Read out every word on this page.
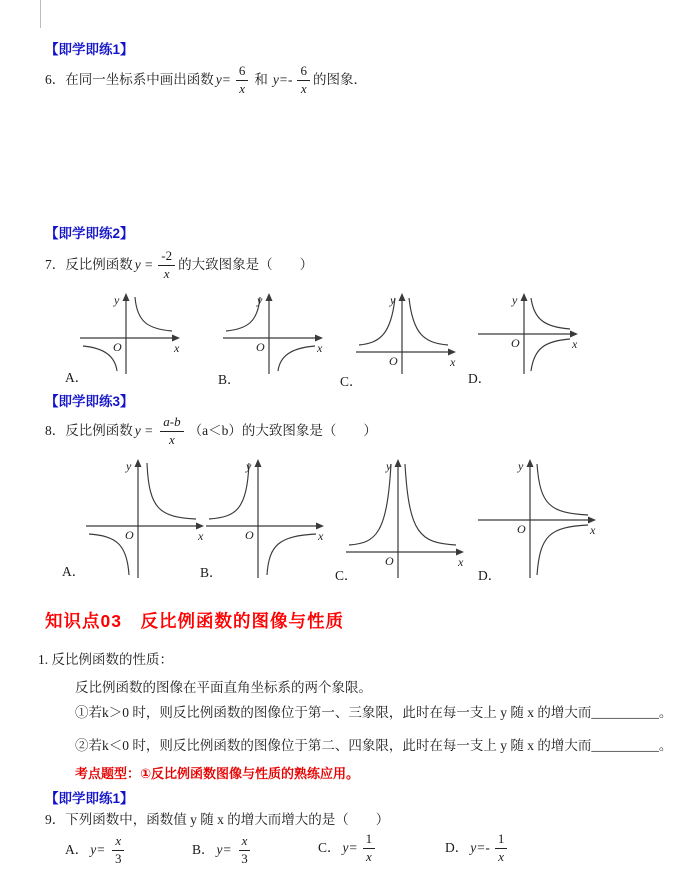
【即学即练1】
6． 在同一坐标系中画出函数 $y= \frac{6}{x}$ 和 $y=- \frac{6}{x}$ 的图象．
【即学即练2】
7． 反比例函数 $y = \frac{-2}{x}$ 的大致图象是（　　）
y
x
O
y
x
O
y
x
O
y
x
O
A．	B．	C．	D．
【即学即练3】
8． 反比例函数 $y = \frac{a-b}{x} (a<b)$的大致图象是（　　）
y
x
O
y
x
O
y
x
O
y
x
O
A．	B．	C．	D．
知识点03　反比例函数的图像与性质
1. 反比例函数的性质：
反比例函数的图像在平面直角坐标系的两个象限。
①若k＞0 时，则反比例函数的图像位于第一、三象限，此时在每一支上 y 随 x 的增大而__________。
②若k＜0 时，则反比例函数的图像位于第二、四象限，此时在每一支上 y 随 x 的增大而__________。
考点题型：①反比例函数图像与性质的熟练应用。
【即学即练1】
9．下列函数中，函数值 y 随 x 的增大而增大的是（　　）
A． $y= \frac{x}{3}$	B． $y= \frac{x}{3}$	C． $y= \frac{1}{x}$	D． $y=- \frac{1}{x}$
